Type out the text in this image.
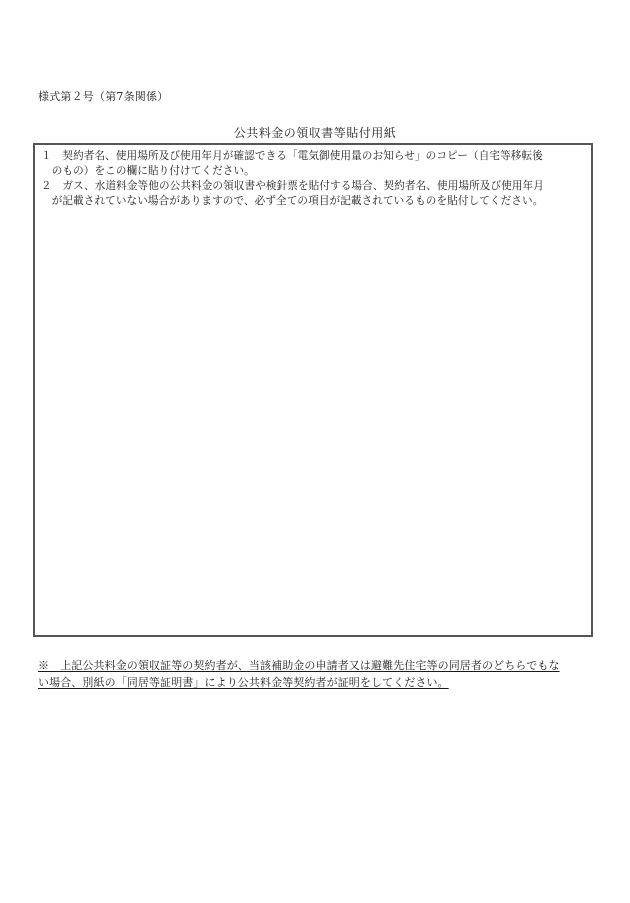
様式第２号（第7条関係）
公共料金の領収書等貼付用紙
１　契約者名、使用場所及び使用年月が確認できる「電気御使用量のお知らせ」のコピー（自宅等移転後
　のもの）をこの欄に貼り付けてください。
２　ガス、水道料金等他の公共料金の領収書や検針票を貼付する場合、契約者名、使用場所及び使用年月
　が記載されていない場合がありますので、必ず全ての項目が記載されているものを貼付してください。
※　上記公共料金の領収証等の契約者が、当該補助金の申請者又は避難先住宅等の同居者のどちらでもな
い場合、別紙の「同居等証明書」により公共料金等契約者が証明をしてください。
